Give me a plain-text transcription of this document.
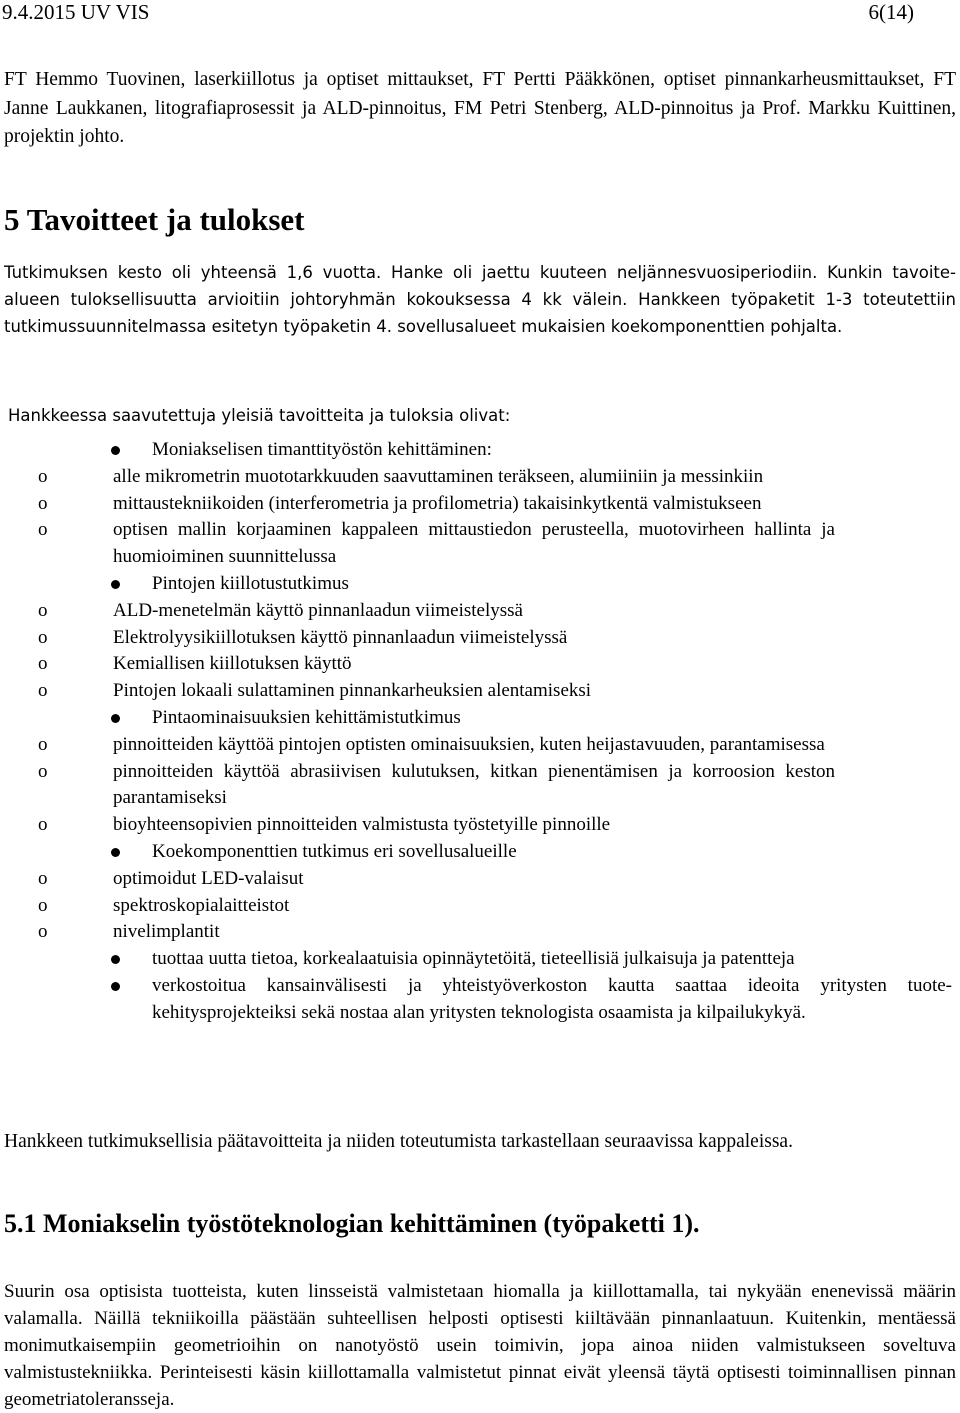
9.4.2015 UV VIS	6(14)

FT Hemmo Tuovinen, laserkiillotus ja optiset mittaukset, FT Pertti Pääkkönen, optiset pinnankarheusmittaukset, FT Janne Laukkanen, litografiaprosessit ja ALD-pinnoitus, FM Petri Stenberg, ALD-pinnoitus ja Prof. Markku Kuittinen, projektin johto.

5 Tavoitteet ja tulokset

Tutkimuksen kesto oli yhteensä 1,6 vuotta. Hanke oli jaettu kuuteen neljännesvuosiperiodiin. Kunkin tavoite- alueen tuloksellisuutta arvioitiin johtoryhmän kokouksessa 4 kk välein. Hankkeen työpaketit 1-3 toteutettiin tutkimussuunnitelmassa esitetyn työpaketin 4. sovellusalueet mukaisien koekomponenttien pohjalta.

Hankkeessa saavutettuja yleisiä tavoitteita ja tuloksia olivat:

Moniakselisen timanttityöstön kehittäminen:
o	alle mikrometrin muototarkkuuden saavuttaminen teräkseen, alumiiniin ja messinkiin
o	mittaustekniikoiden (interferometria ja profilometria) takaisinkytkentä valmistukseen
o	optisen mallin korjaaminen kappaleen mittaustiedon perusteella, muotovirheen hallinta ja huomioiminen suunnittelussa
Pintojen kiillotustutkimus
o	ALD-menetelmän käyttö pinnanlaadun viimeistelyssä
o	Elektrolyysikiillotuksen käyttö pinnanlaadun viimeistelyssä
o	Kemiallisen kiillotuksen käyttö
o	Pintojen lokaali sulattaminen pinnankarheuksien alentamiseksi
Pintaominaisuuksien kehittämistutkimus
o	pinnoitteiden käyttöä pintojen optisten ominaisuuksien, kuten heijastavuuden, parantamisessa
o	pinnoitteiden käyttöä abrasiivisen kulutuksen, kitkan pienentämisen ja korroosion keston parantamiseksi
o	bioyhteensopivien pinnoitteiden valmistusta työstetyille pinnoille
Koekomponenttien tutkimus eri sovellusalueille
o	optimoidut LED-valaisut
o	spektroskopialaitteistot
o	nivelimplantit
tuottaa uutta tietoa, korkealaatuisia opinnäytetöitä, tieteellisiä julkaisuja ja patentteja
verkostoitua kansainvälisesti ja yhteistyöverkoston kautta saattaa ideoita yritysten tuotekehitysprojekteiksi sekä nostaa alan yritysten teknologista osaamista ja kilpailukykyä.

Hankkeen tutkimuksellisia päätavoitteita ja niiden toteutumista tarkastellaan seuraavissa kappaleissa.

5.1 Moniakselin työstöteknologian kehittäminen (työpaketti 1).

Suurin osa optisista tuotteista, kuten linsseistä valmistetaan hiomalla ja kiillottamalla, tai nykyään enenevissä määrin valamalla. Näillä tekniikoilla päästään suhteellisen helposti optisesti kiiltävään pinnanlaatuun. Kuitenkin, mentäessä monimutkaisempiin geometrioihin on nanotyöstö usein toimivin, jopa ainoa niiden valmistukseen soveltuva valmistustekniikka. Perinteisesti käsin kiillottamalla valmistetut pinnat eivät yleensä täytä optisesti toiminnallisen pinnan geometriatoleransseja.
